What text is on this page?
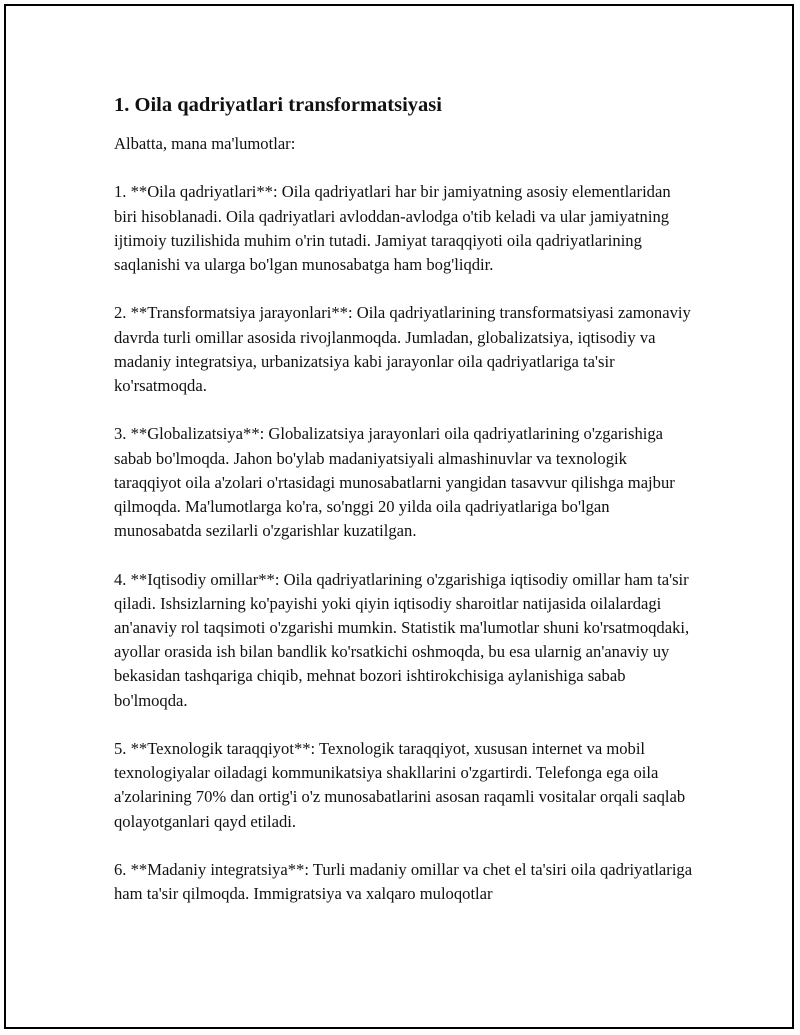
1. Oila qadriyatlari transformatsiyasi

Albatta, mana ma'lumotlar:

1. **Oila qadriyatlari**: Oila qadriyatlari har bir jamiyatning asosiy elementlaridan biri hisoblanadi. Oila qadriyatlari avloddan-avlodga o'tib keladi va ular jamiyatning ijtimoiy tuzilishida muhim o'rin tutadi. Jamiyat taraqqiyoti oila qadriyatlarining saqlanishi va ularga bo'lgan munosabatga ham bog'liqdir.

2. **Transformatsiya jarayonlari**: Oila qadriyatlarining transformatsiyasi zamonaviy davrda turli omillar asosida rivojlanmoqda. Jumladan, globalizatsiya, iqtisodiy va madaniy integratsiya, urbanizatsiya kabi jarayonlar oila qadriyatlariga ta'sir ko'rsatmoqda.

3. **Globalizatsiya**: Globalizatsiya jarayonlari oila qadriyatlarining o'zgarishiga sabab bo'lmoqda. Jahon bo'ylab madaniyatsiyali almashinuvlar va texnologik taraqqiyot oila a'zolari o'rtasidagi munosabatlarni yangidan tasavvur qilishga majbur qilmoqda. Ma'lumotlarga ko'ra, so'nggi 20 yilda oila qadriyatlariga bo'lgan munosabatda sezilarli o'zgarishlar kuzatilgan.

4. **Iqtisodiy omillar**: Oila qadriyatlarining o'zgarishiga iqtisodiy omillar ham ta'sir qiladi. Ishsizlarning ko'payishi yoki qiyin iqtisodiy sharoitlar natijasida oilalardagi an'anaviy rol taqsimoti o'zgarishi mumkin. Statistik ma'lumotlar shuni ko'rsatmoqdaki, ayollar orasida ish bilan bandlik ko'rsatkichi oshmoqda, bu esa ularnig an'anaviy uy bekasidan tashqariga chiqib, mehnat bozori ishtirokchisiga aylanishiga sabab bo'lmoqda.

5. **Texnologik taraqqiyot**: Texnologik taraqqiyot, xususan internet va mobil texnologiyalar oiladagi kommunikatsiya shakllarini o'zgartirdi. Telefonga ega oila a'zolarining 70% dan ortig'i o'z munosabatlarini asosan raqamli vositalar orqali saqlab qolayotganlari qayd etiladi.

6. **Madaniy integratsiya**: Turli madaniy omillar va chet el ta'siri oila qadriyatlariga ham ta'sir qilmoqda. Immigratsiya va xalqaro muloqotlar
